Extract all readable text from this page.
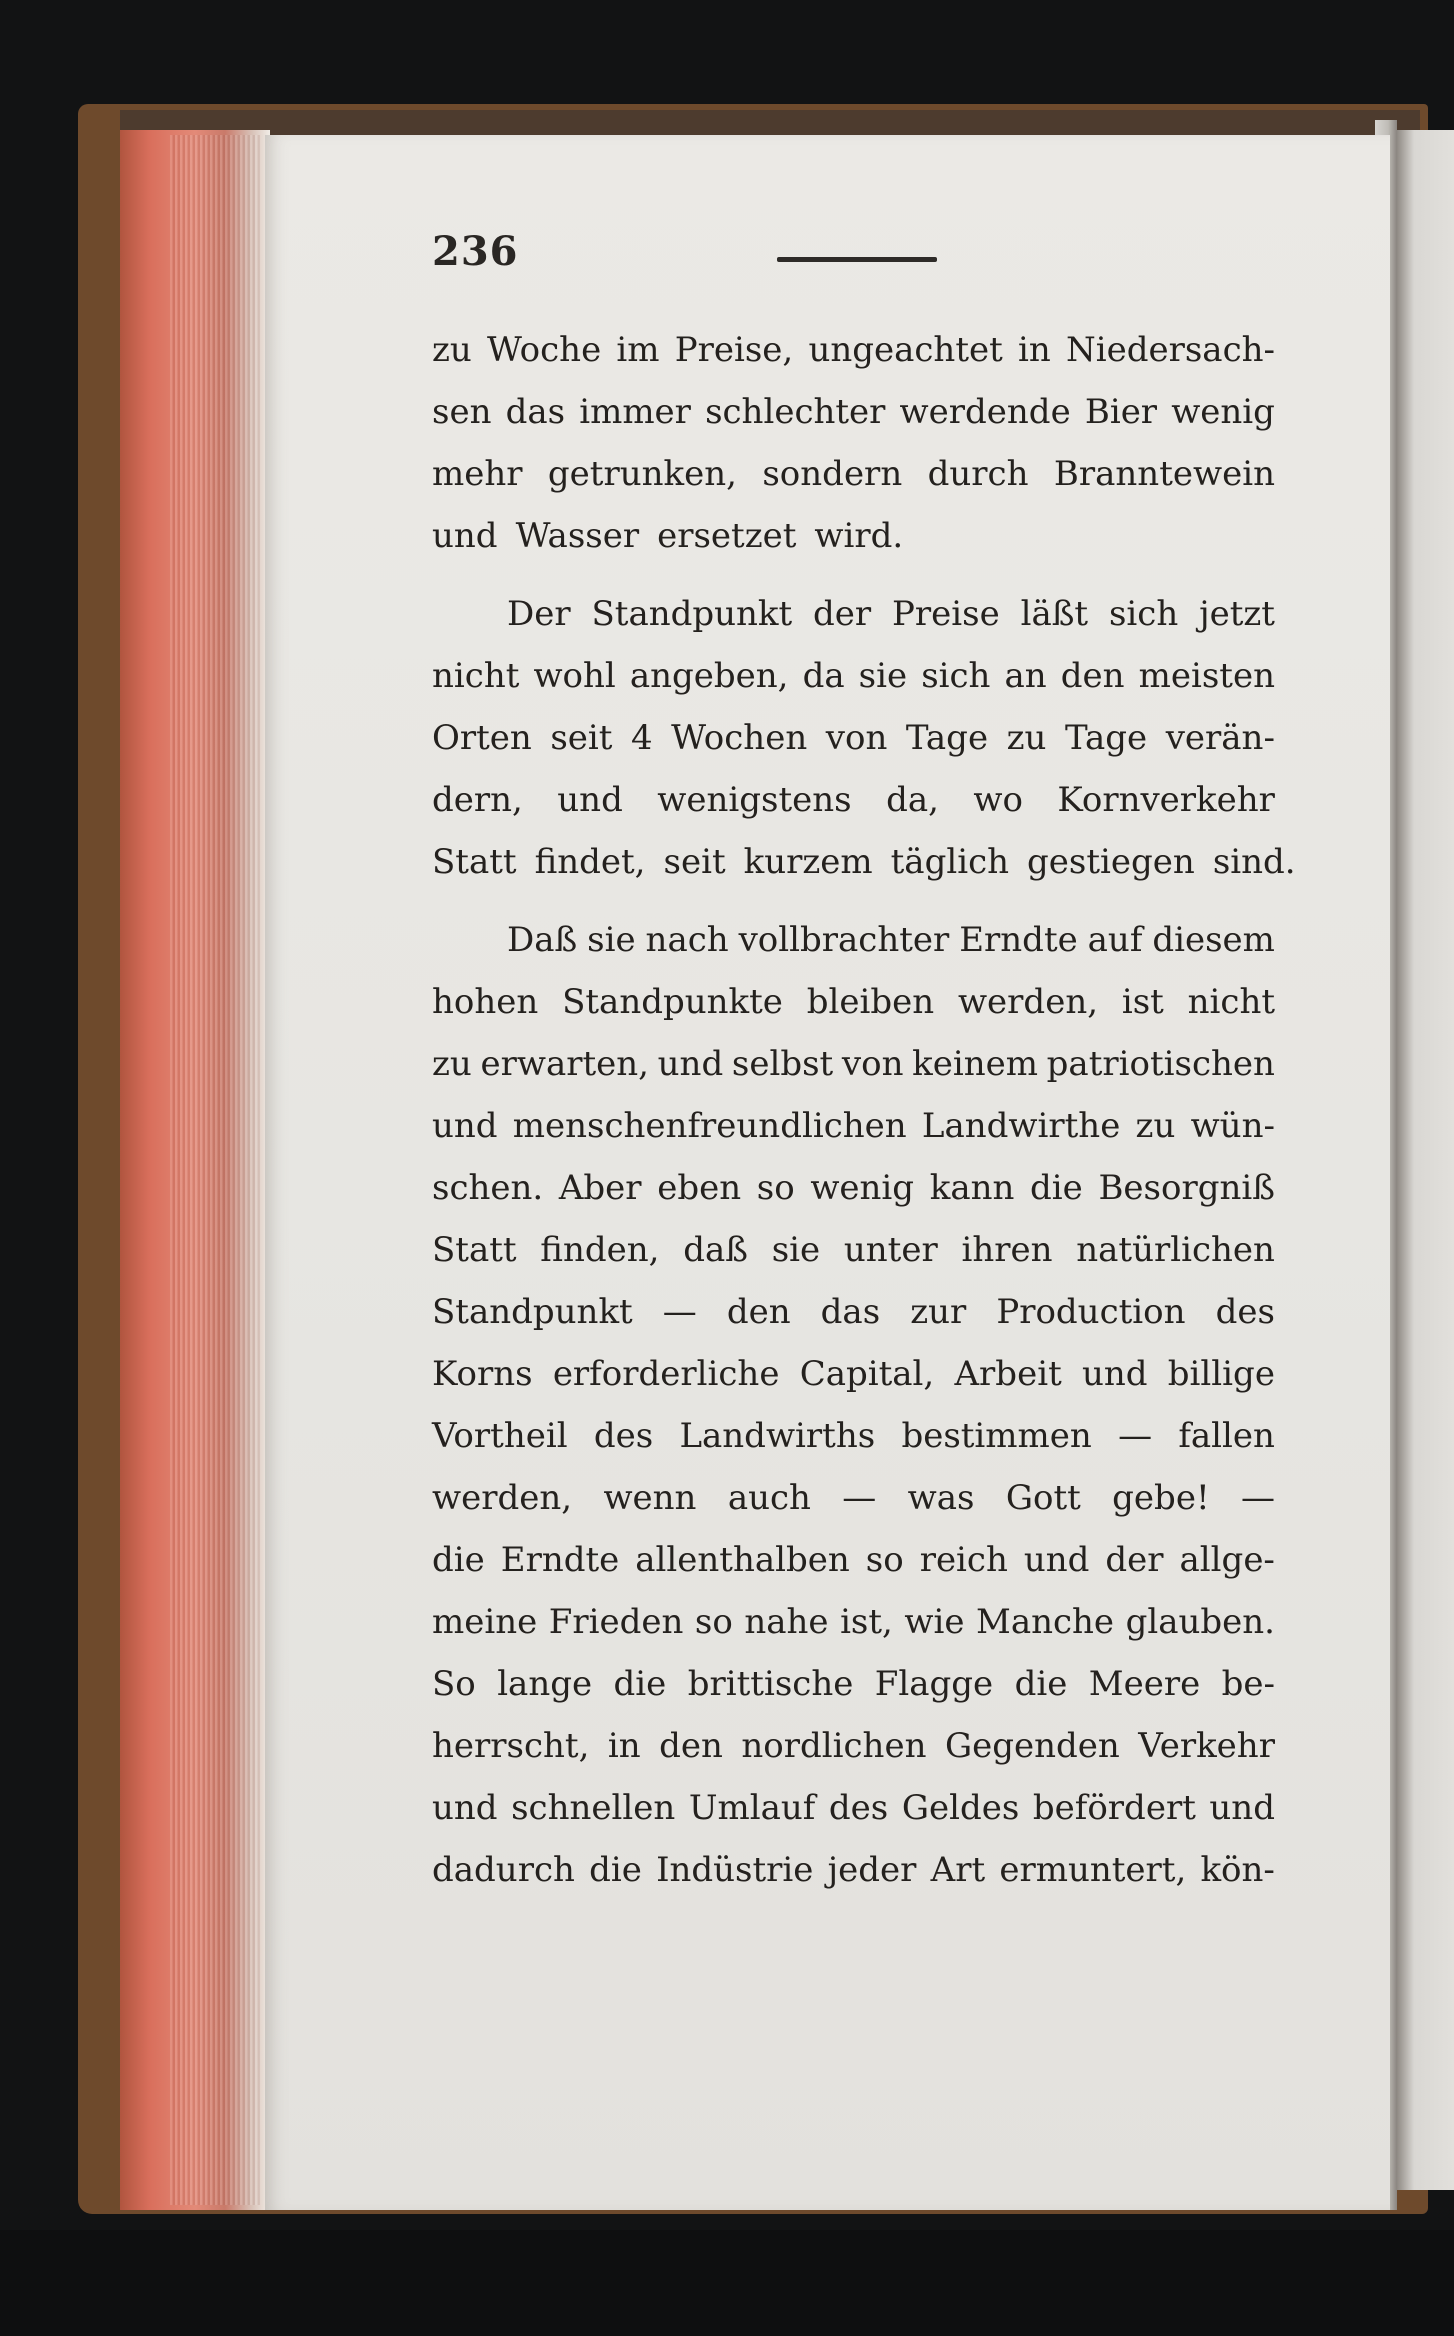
236
zu Woche im Preise, ungeachtet in Niedersach-
sen das immer schlechter werdende Bier wenig
mehr getrunken, sondern durch Branntewein
und Wasser ersetzet wird.
Der Standpunkt der Preise läßt sich jetzt
nicht wohl angeben, da sie sich an den meisten
Orten seit 4 Wochen von Tage zu Tage verän-
dern, und wenigstens da, wo Kornverkehr
Statt findet, seit kurzem täglich gestiegen sind.
Daß sie nach vollbrachter Erndte auf diesem
hohen Standpunkte bleiben werden, ist nicht
zu erwarten, und selbst von keinem patriotischen
und menschenfreundlichen Landwirthe zu wün-
schen. Aber eben so wenig kann die Besorgniß
Statt finden, daß sie unter ihren natürlichen
Standpunkt — den das zur Production des
Korns erforderliche Capital, Arbeit und billige
Vortheil des Landwirths bestimmen — fallen
werden, wenn auch — was Gott gebe! —
die Erndte allenthalben so reich und der allge-
meine Frieden so nahe ist, wie Manche glauben.
So lange die brittische Flagge die Meere be-
herrscht, in den nordlichen Gegenden Verkehr
und schnellen Umlauf des Geldes befördert und
dadurch die Indüstrie jeder Art ermuntert, kön-
